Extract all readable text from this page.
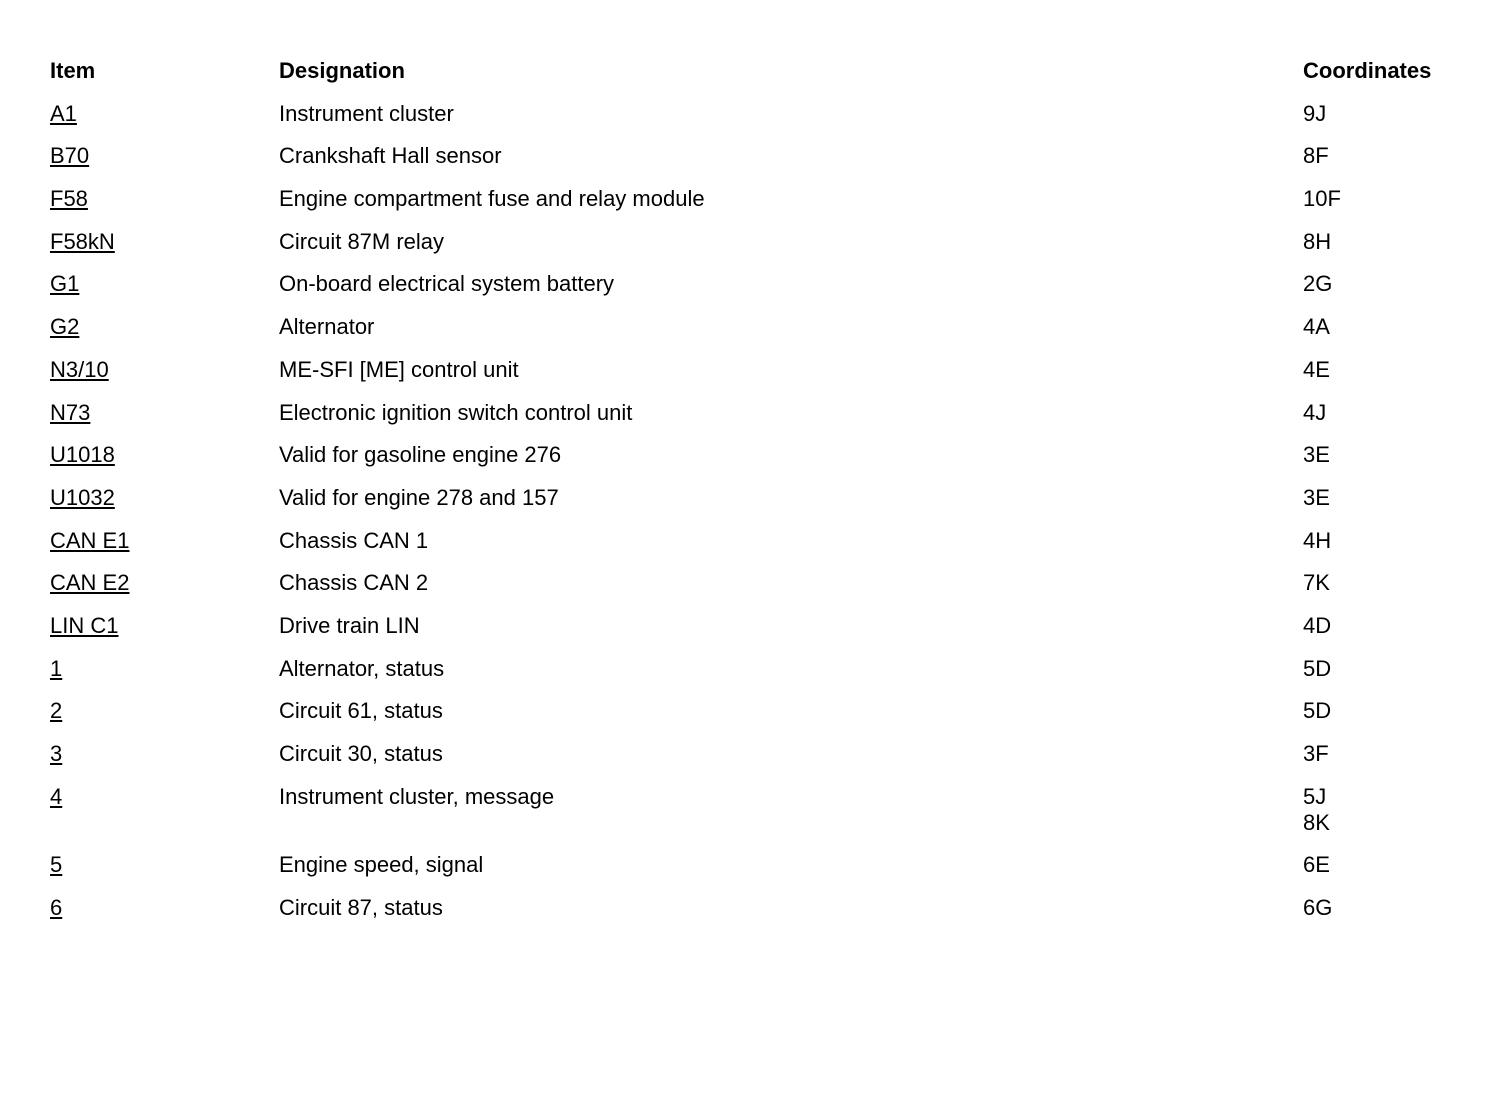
Item	Designation	Coordinates
A1	Instrument cluster	9J
B70	Crankshaft Hall sensor	8F
F58	Engine compartment fuse and relay module	10F
F58kN	Circuit 87M relay	8H
G1	On-board electrical system battery	2G
G2	Alternator	4A
N3/10	ME-SFI [ME] control unit	4E
N73	Electronic ignition switch control unit	4J
U1018	Valid for gasoline engine 276	3E
U1032	Valid for engine 278 and 157	3E
CAN E1	Chassis CAN 1	4H
CAN E2	Chassis CAN 2	7K
LIN C1	Drive train LIN	4D
1	Alternator, status	5D
2	Circuit 61, status	5D
3	Circuit 30, status	3F
4	Instrument cluster, message	5J
8K
5	Engine speed, signal	6E
6	Circuit 87, status	6G
